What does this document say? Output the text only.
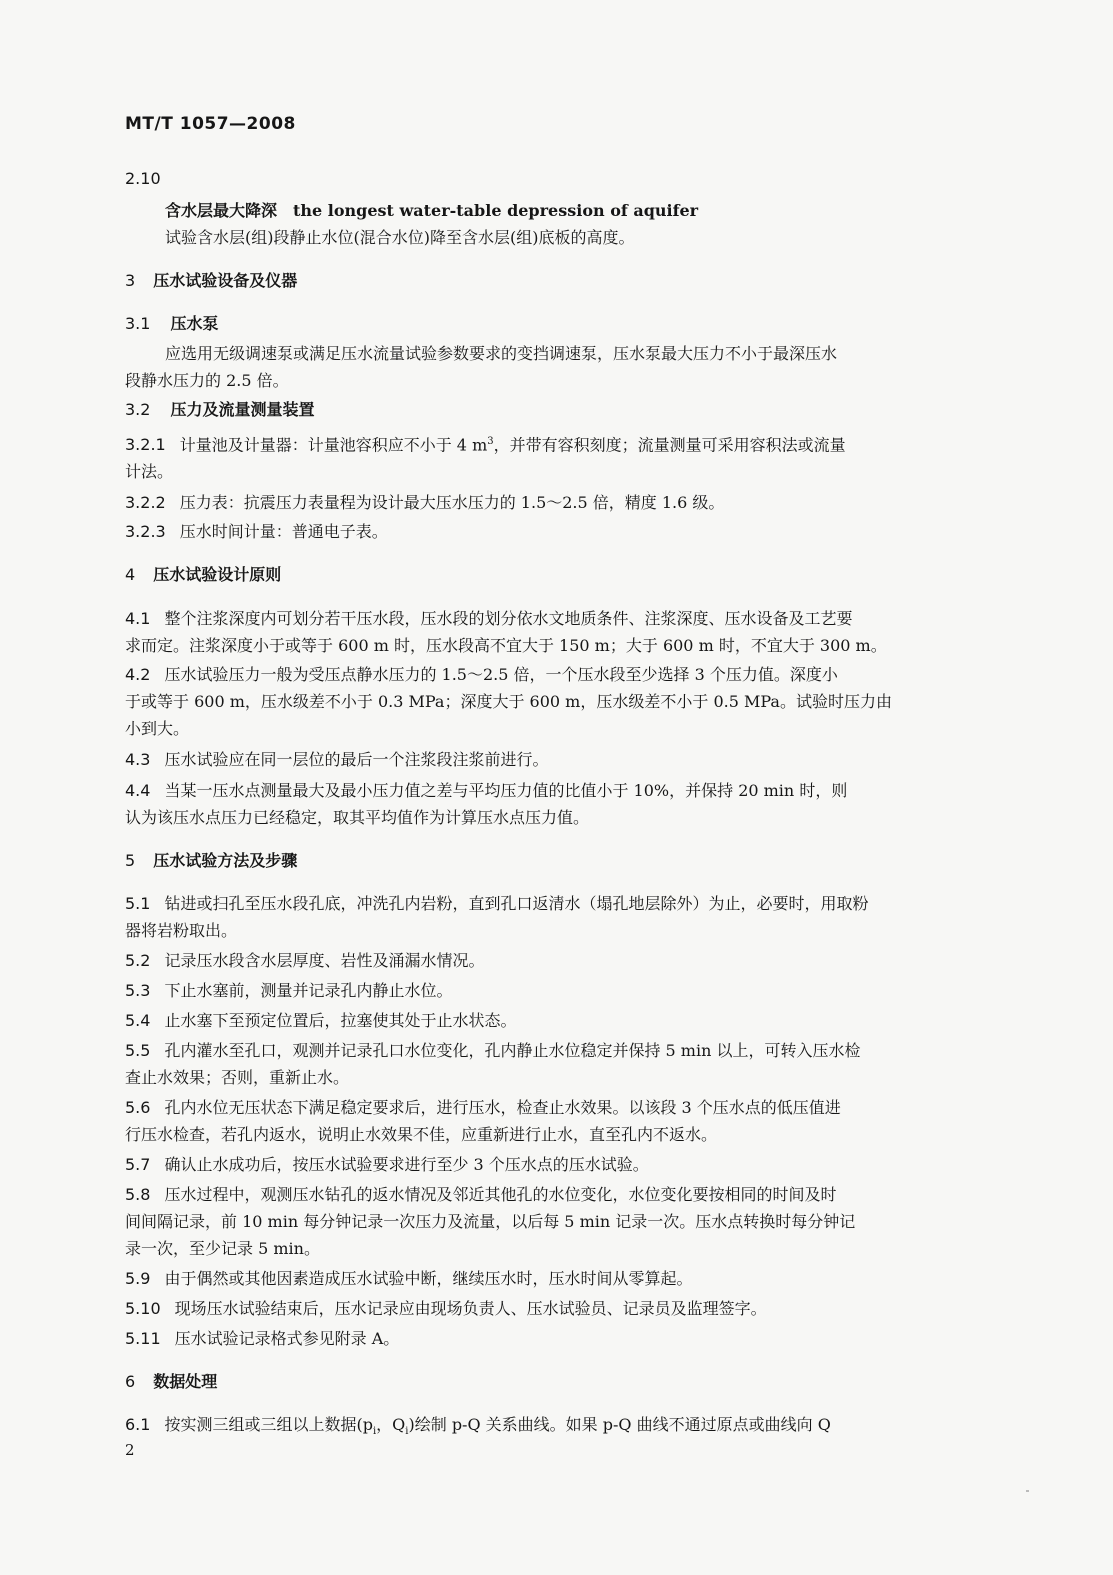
MT/T 1057—2008
2.10
含水层最大降深 the longest water-table depression of aquifer
试验含水层(组)段静止水位(混合水位)降至含水层(组)底板的高度。
3 压水试验设备及仪器
3.1 压水泵
应选用无级调速泵或满足压水流量试验参数要求的变挡调速泵，压水泵最大压力不小于最深压水
段静水压力的 2.5 倍。
3.2 压力及流量测量装置
3.2.1 计量池及计量器：计量池容积应不小于 4 $m^3$，并带有容积刻度；流量测量可采用容积法或流量
计法。
3.2.2 压力表：抗震压力表量程为设计最大压水压力的 1.5～2.5 倍，精度 1.6 级。
3.2.3 压水时间计量：普通电子表。
4 压水试验设计原则
4.1 整个注浆深度内可划分若干压水段，压水段的划分依水文地质条件、注浆深度、压水设备及工艺要
求而定。注浆深度小于或等于 600 m 时，压水段高不宜大于 150 m；大于 600 m 时，不宜大于 300 m。
4.2 压水试验压力一般为受压点静水压力的 1.5～2.5 倍，一个压水段至少选择 3 个压力值。深度小
于或等于 600 m，压水级差不小于 0.3 MPa；深度大于 600 m，压水级差不小于 0.5 MPa。试验时压力由
小到大。
4.3 压水试验应在同一层位的最后一个注浆段注浆前进行。
4.4 当某一压水点测量最大及最小压力值之差与平均压力值的比值小于 10%，并保持 20 min 时，则
认为该压水点压力已经稳定，取其平均值作为计算压水点压力值。
5 压水试验方法及步骤
5.1 钻进或扫孔至压水段孔底，冲洗孔内岩粉，直到孔口返清水（塌孔地层除外）为止，必要时，用取粉
器将岩粉取出。
5.2 记录压水段含水层厚度、岩性及涌漏水情况。
5.3 下止水塞前，测量并记录孔内静止水位。
5.4 止水塞下至预定位置后，拉塞使其处于止水状态。
5.5 孔内灌水至孔口，观测并记录孔口水位变化，孔内静止水位稳定并保持 5 min 以上，可转入压水检
查止水效果；否则，重新止水。
5.6 孔内水位无压状态下满足稳定要求后，进行压水，检查止水效果。以该段 3 个压水点的低压值进
行压水检查，若孔内返水，说明止水效果不佳，应重新进行止水，直至孔内不返水。
5.7 确认止水成功后，按压水试验要求进行至少 3 个压水点的压水试验。
5.8 压水过程中，观测压水钻孔的返水情况及邻近其他孔的水位变化，水位变化要按相同的时间及时
间间隔记录，前 10 min 每分钟记录一次压力及流量，以后每 5 min 记录一次。压水点转换时每分钟记
录一次，至少记录 5 min。
5.9 由于偶然或其他因素造成压水试验中断，继续压水时，压水时间从零算起。
5.10 现场压水试验结束后，压水记录应由现场负责人、压水试验员、记录员及监理签字。
5.11 压水试验记录格式参见附录 A。
6 数据处理
6.1 按实测三组或三组以上数据($p_i$，$Q_i$)绘制 p-Q 关系曲线。如果 p-Q 曲线不通过原点或曲线向 Q
2
